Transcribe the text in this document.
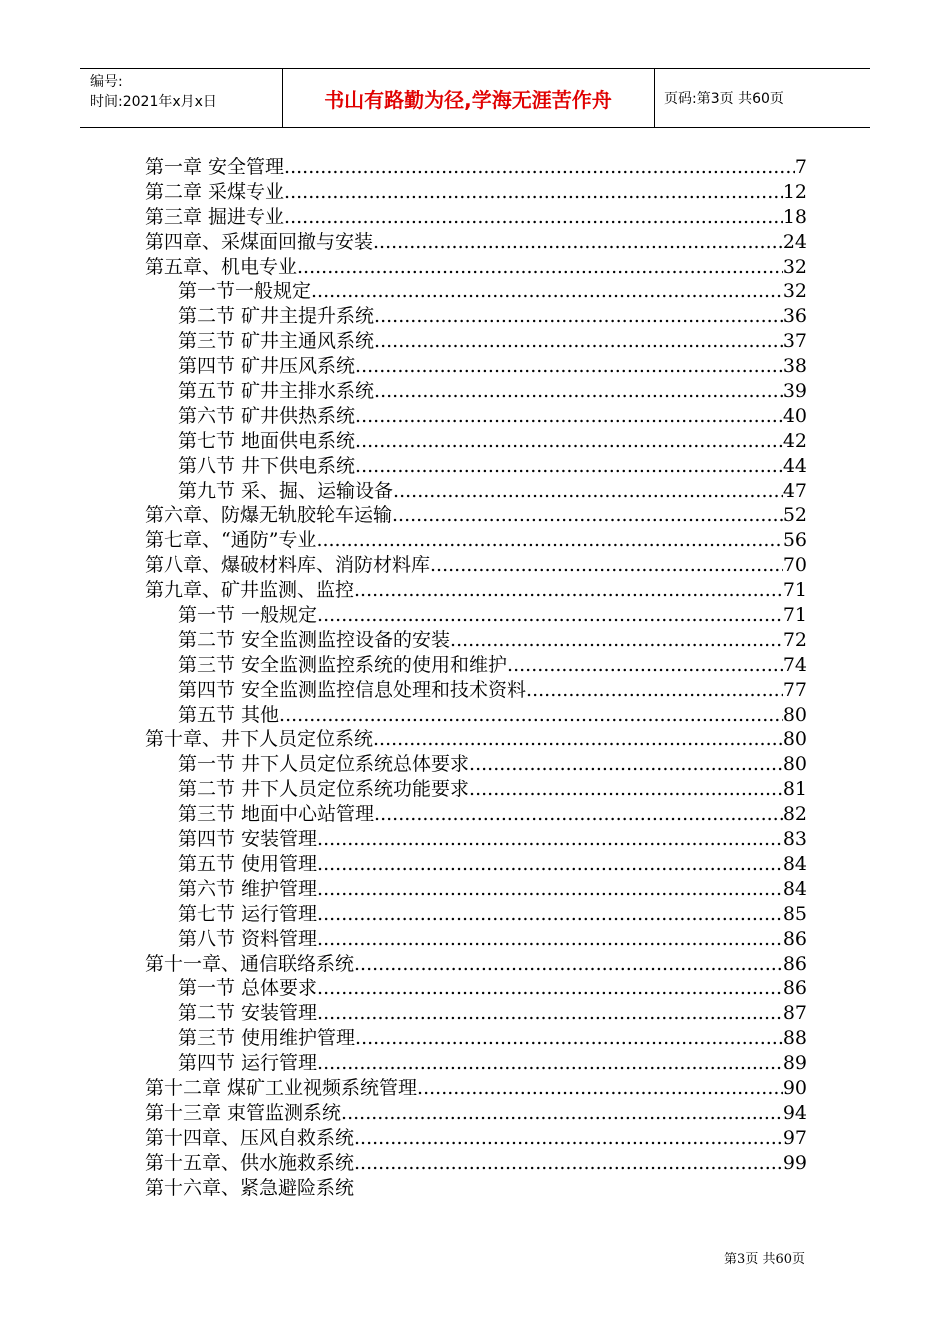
编号:
时间:2021年x月x日	书山有路勤为径,学海无涯苦作舟	页码:第3页 共60页
第一章 安全管理 .....	7
第二章 采煤专业 .....	12
第三章 掘进专业 .....	18
第四章、采煤面回撤与安装 .....	24
第五章、机电专业 .....	32
第一节一般规定 .....	32
第二节 矿井主提升系统 .....	36
第三节 矿井主通风系统 .....	37
第四节 矿井压风系统 .....	38
第五节 矿井主排水系统 .....	39
第六节 矿井供热系统 .....	40
第七节 地面供电系统 .....	42
第八节 井下供电系统 .....	44
第九节 采、掘、运输设备 .....	47
第六章、防爆无轨胶轮车运输 .....	52
第七章、“通防”专业 .....	56
第八章、爆破材料库、消防材料库 .....	70
第九章、矿井监测、监控 .....	71
第一节 一般规定 .....	71
第二节 安全监测监控设备的安装 .....	72
第三节 安全监测监控系统的使用和维护 .....	74
第四节 安全监测监控信息处理和技术资料 .....	77
第五节 其他 .....	80
第十章、井下人员定位系统 .....	80
第一节 井下人员定位系统总体要求 .....	80
第二节 井下人员定位系统功能要求 .....	81
第三节 地面中心站管理 .....	82
第四节 安装管理 .....	83
第五节 使用管理 .....	84
第六节 维护管理 .....	84
第七节 运行管理 .....	85
第八节 资料管理 .....	86
第十一章、通信联络系统 .....	86
第一节 总体要求 .....	86
第二节 安装管理 .....	87
第三节 使用维护管理 .....	88
第四节 运行管理 .....	89
第十二章 煤矿工业视频系统管理 .....	90
第十三章 束管监测系统 .....	94
第十四章、压风自救系统 .....	97
第十五章、供水施救系统 .....	99
第十六章、紧急避险系统
第3页 共60页
